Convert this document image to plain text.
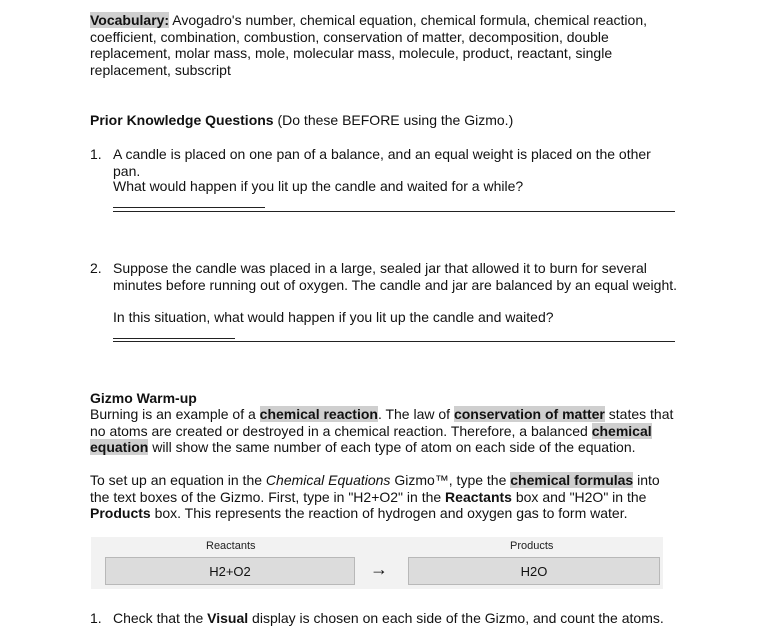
Vocabulary: Avogadro's number, chemical equation, chemical formula, chemical reaction, coefficient, combination, combustion, conservation of matter, decomposition, double replacement, molar mass, mole, molecular mass, molecule, product, reactant, single replacement, subscript
Prior Knowledge Questions (Do these BEFORE using the Gizmo.)
1. A candle is placed on one pan of a balance, and an equal weight is placed on the other pan.
What would happen if you lit up the candle and waited for a while?
2. Suppose the candle was placed in a large, sealed jar that allowed it to burn for several minutes before running out of oxygen. The candle and jar are balanced by an equal weight.
In this situation, what would happen if you lit up the candle and waited?
Gizmo Warm-up
Burning is an example of a chemical reaction. The law of conservation of matter states that no atoms are created or destroyed in a chemical reaction. Therefore, a balanced chemical equation will show the same number of each type of atom on each side of the equation.
To set up an equation in the Chemical Equations Gizmo™, type the chemical formulas into the text boxes of the Gizmo. First, type in "H2+O2" in the Reactants box and "H2O" in the Products box. This represents the reaction of hydrogen and oxygen gas to form water.
Reactants	Products
H2+O2	→	H2O
1. Check that the Visual display is chosen on each side of the Gizmo, and count the atoms.
